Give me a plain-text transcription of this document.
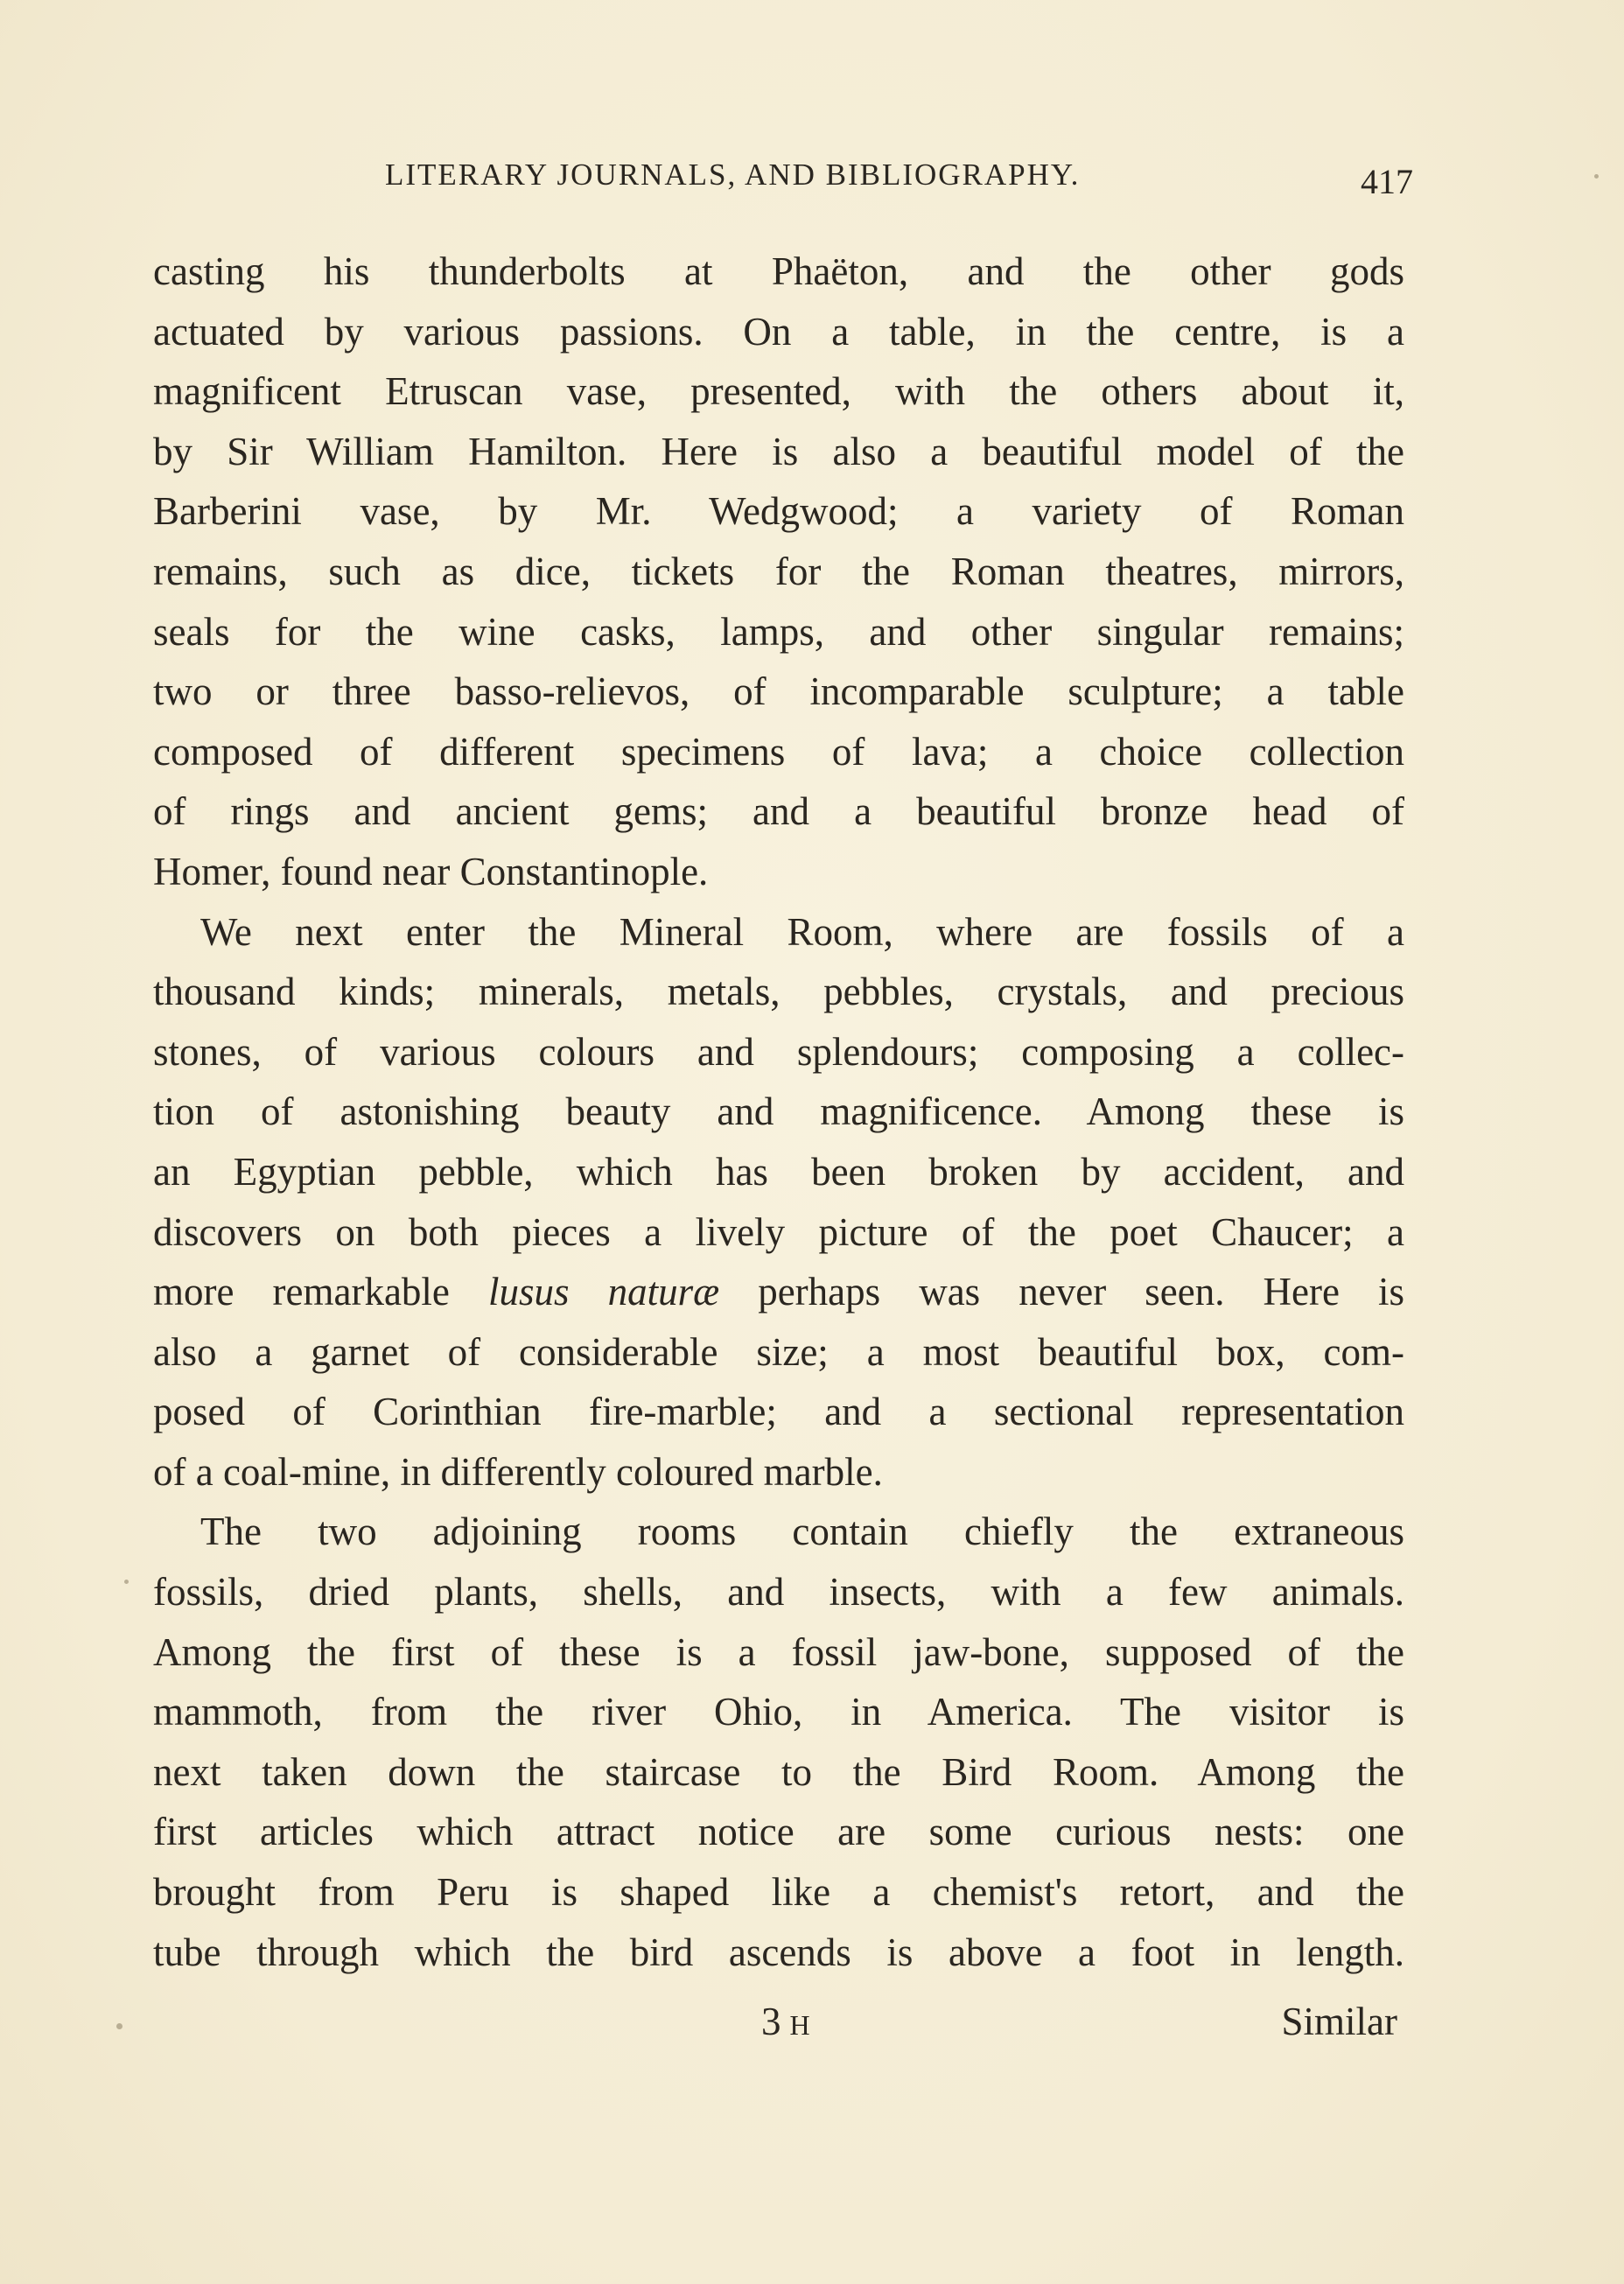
LITERARY JOURNALS, AND BIBLIOGRAPHY.	417
casting his thunderbolts at Phaëton, and the other gods
actuated by various passions. On a table, in the centre, is a
magnificent Etruscan vase, presented, with the others about it,
by Sir William Hamilton. Here is also a beautiful model of the
Barberini vase, by Mr. Wedgwood; a variety of Roman
remains, such as dice, tickets for the Roman theatres, mirrors,
seals for the wine casks, lamps, and other singular remains;
two or three basso-relievos, of incomparable sculpture; a table
composed of different specimens of lava; a choice collection
of rings and ancient gems; and a beautiful bronze head of
Homer, found near Constantinople.
We next enter the Mineral Room, where are fossils of a
thousand kinds; minerals, metals, pebbles, crystals, and precious
stones, of various colours and splendours; composing a collec-
tion of astonishing beauty and magnificence. Among these is
an Egyptian pebble, which has been broken by accident, and
discovers on both pieces a lively picture of the poet Chaucer; a
more remarkable lusus naturæ perhaps was never seen. Here is
also a garnet of considerable size; a most beautiful box, com-
posed of Corinthian fire-marble; and a sectional representation
of a coal-mine, in differently coloured marble.
The two adjoining rooms contain chiefly the extraneous
fossils, dried plants, shells, and insects, with a few animals.
Among the first of these is a fossil jaw-bone, supposed of the
mammoth, from the river Ohio, in America. The visitor is
next taken down the staircase to the Bird Room. Among the
first articles which attract notice are some curious nests: one
brought from Peru is shaped like a chemist's retort, and the
tube through which the bird ascends is above a foot in length.
3 H	Similar
